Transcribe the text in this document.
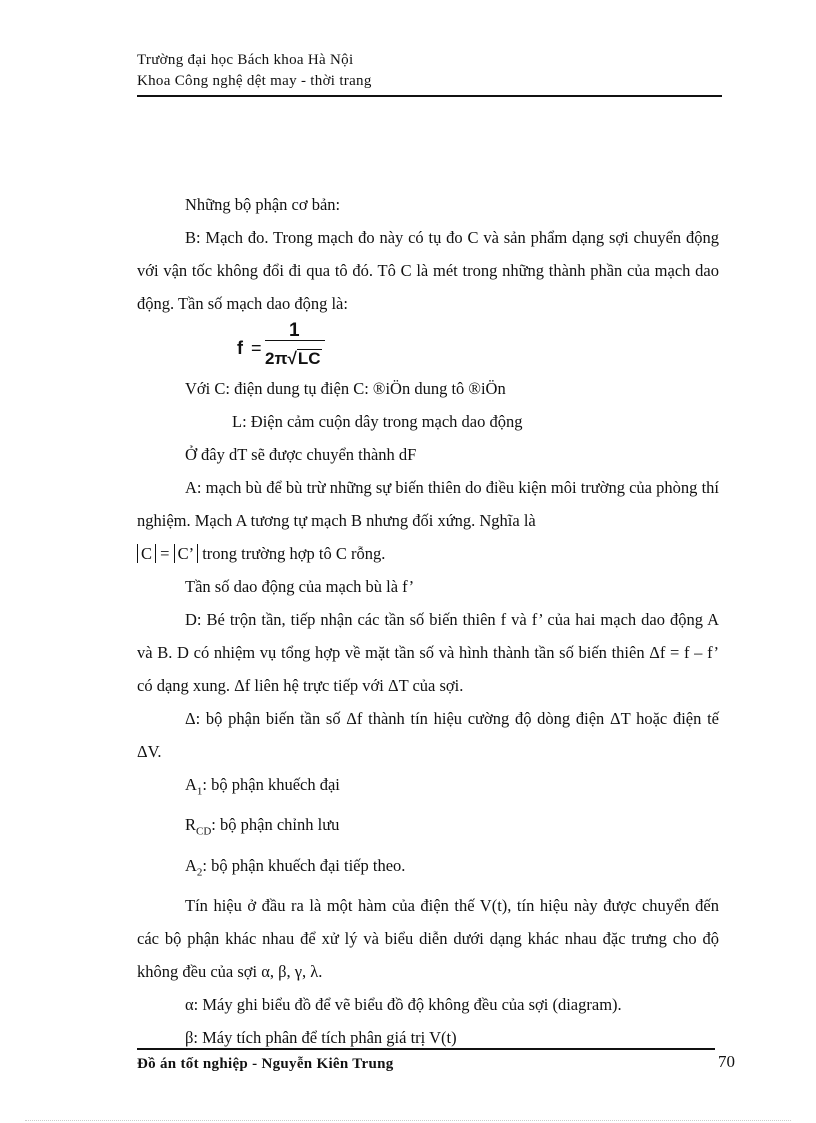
Trường đại học Bách khoa Hà Nội
Khoa Công nghệ dệt may - thời trang

Những bộ phận cơ bản:

B: Mạch đo. Trong mạch đo này có tụ đo C và sản phẩm dạng sợi chuyển động với vận tốc không đổi đi qua tô đó. Tô C là mét trong những thành phần của mạch dao động. Tần số mạch dao động là:

f =
1
2π√LC

Với C: điện dung tụ điện C: ®iÖn dung tô ®iÖn

L: Điện cảm cuộn dây trong mạch dao động

Ở đây dT sẽ được chuyển thành dF

A: mạch bù để bù trừ những sự biến thiên do điều kiện môi trường của phòng thí nghiệm. Mạch A tương tự mạch B nhưng đối xứng. Nghĩa là

C = C’ trong trường hợp tô C rỗng.

Tần số dao động của mạch bù là f’

D: Bé trộn tần, tiếp nhận các tần số biến thiên f và f’ của hai mạch dao động A và B. D có nhiệm vụ tổng hợp về mặt tần số và hình thành tần số biến thiên Δf = f – f’ có dạng xung. Δf liên hệ trực tiếp với ΔT của sợi.

Δ: bộ phận biến tần số Δf thành tín hiệu cường độ dòng điện ΔT hoặc điện tế ΔV.

$A_1$: bộ phận khuếch đại

$R_{CD}$: bộ phận chỉnh lưu

$A_2$: bộ phận khuếch đại tiếp theo.

Tín hiệu ở đầu ra là một hàm của điện thế V(t), tín hiệu này được chuyển đến các bộ phận khác nhau để xử lý và biểu diễn dưới dạng khác nhau đặc trưng cho độ không đều của sợi α, β, γ, λ.

α: Máy ghi biểu đồ để vẽ biểu đồ độ không đều của sợi (diagram).

β: Máy tích phân để tích phân giá trị V(t)

Đồ án tốt nghiệp - Nguyễn Kiên Trung	70
